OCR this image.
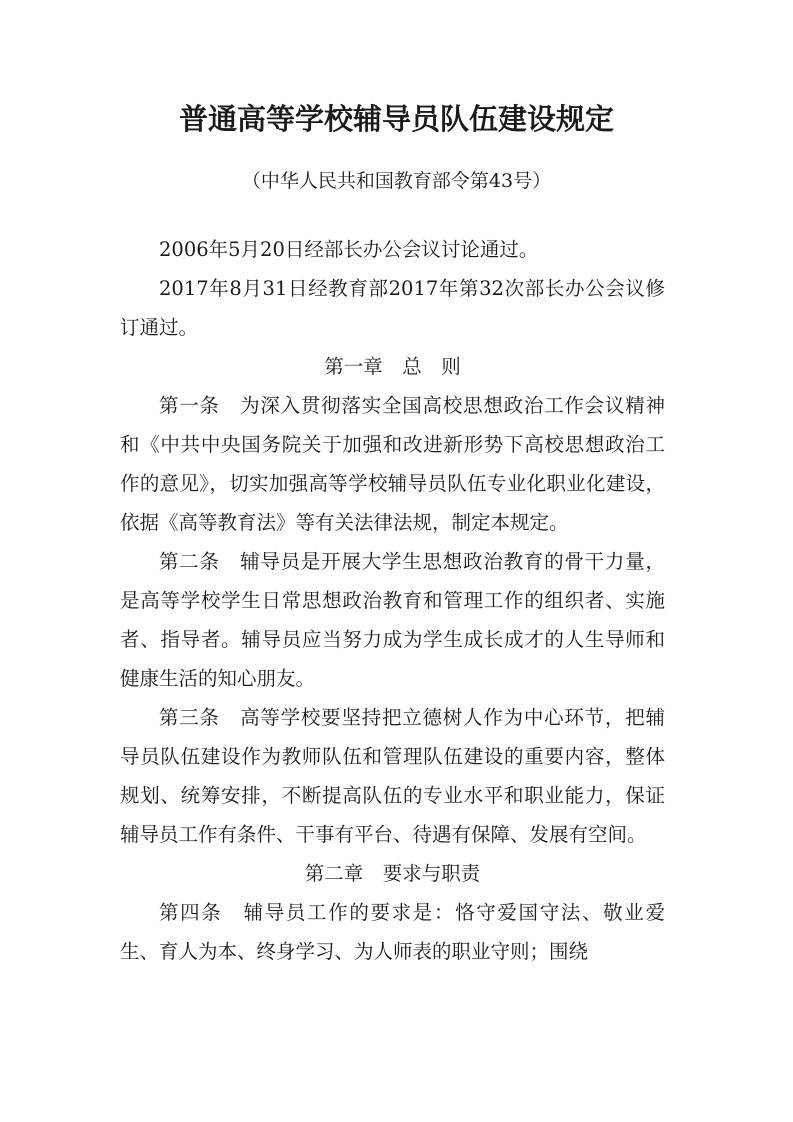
普通高等学校辅导员队伍建设规定

（中华人民共和国教育部令第43号）

2006年5月20日经部长办公会议讨论通过。

2017年8月31日经教育部2017年第32次部长办公会议修订通过。

第一章　总　则

第一条　 为深入贯彻落实全国高校思想政治工作会议精神和《中共中央国务院关于加强和改进新形势下高校思想政治工作的意见》，切实加强高等学校辅导员队伍专业化职业化建设，依据《高等教育法》等有关法律法规，制定本规定。

第二条　 辅导员是开展大学生思想政治教育的骨干力量，是高等学校学生日常思想政治教育和管理工作的组织者、实施者、指导者。辅导员应当努力成为学生成长成才的人生导师和健康生活的知心朋友。

第三条　 高等学校要坚持把立德树人作为中心环节，把辅导员队伍建设作为教师队伍和管理队伍建设的重要内容，整体规划、统筹安排，不断提高队伍的专业水平和职业能力，保证辅导员工作有条件、干事有平台、待遇有保障、发展有空间。

第二章　要求与职责

第四条　 辅导员工作的要求是：恪守爱国守法、敬业爱生、育人为本、终身学习、为人师表的职业守则；围绕
